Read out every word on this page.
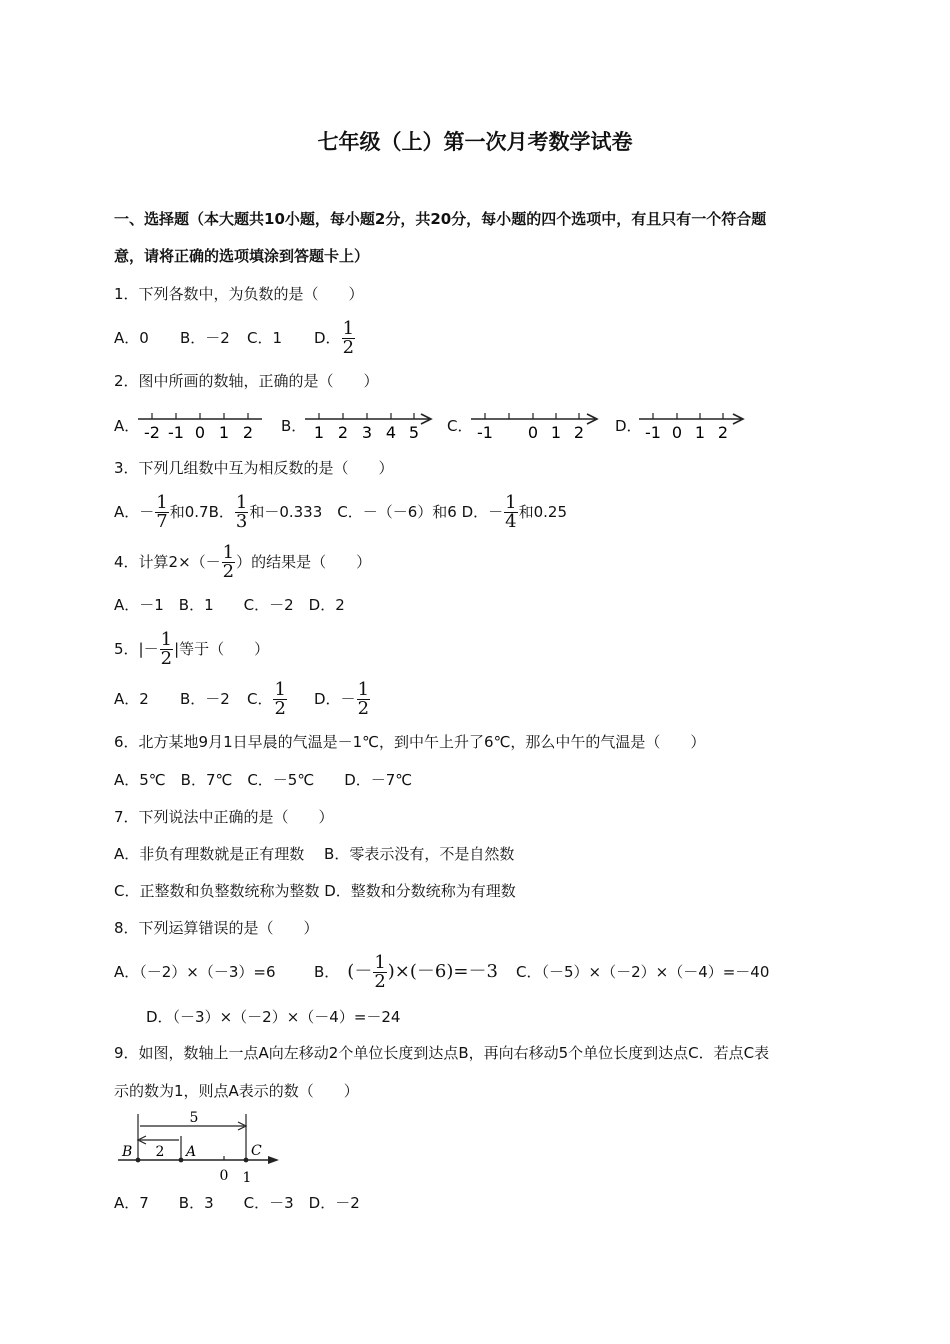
七年级（上）第一次月考数学试卷
一、选择题（本大题共10小题，每小题2分，共20分，每小题的四个选项中，有且只有一个符合题
意，请将正确的选项填涂到答题卡上）
1．下列各数中，为负数的是（　　）
A．0 B．－2 C．1 D． $\frac{1}{2}$
2．图中所画的数轴，正确的是（　　）
A． -2 -1 0 1 2 B． 1 2 3 4 5 C． -1 0 1 2 D． -1 0 1 2
3．下列几组数中互为相反数的是（　　）
A．－ $\frac{1}{7}$ 和0.7B． $\frac{1}{3}$ 和－0.333　C．－（－6）和6 D．－ $\frac{1}{4}$ 和0.25
4．计算$2\times(- \frac{1}{2}$ ）的结果是（　　）
A．－1　B．1　　C．－2　D．2
5．|－ $\frac{1}{2}$ |等于（　　）
A．2 B．－2 C． $\frac{1}{2}$ D．－ $\frac{1}{2}$
6．北方某地9月1日早晨的气温是－1℃，到中午上升了6℃，那么中午的气温是（　　）
A．5℃　B．7℃　C．－5℃　　D．－7℃
7．下列说法中正确的是（　　）
A．非负有理数就是正有理数　 B．零表示没有，不是自然数
C．正整数和负整数统称为整数 D．整数和分数统称为有理数
8．下列运算错误的是（　　）
A．（－2）×（－3）=6	B． (－ $\frac{1}{2} )\times(-6)=-3$ C．（－5）×（－2）×（－4）=－40
D．（－3）×（－2）×（－4）=－24
9．如图，数轴上一点A向左移动2个单位长度到达点B，再向右移动5个单位长度到达点C．若点C表
示的数为1，则点A表示的数（　　）
5
2
B	A	C
0 1
A．7　　B．3　　C．－3　D．－2
